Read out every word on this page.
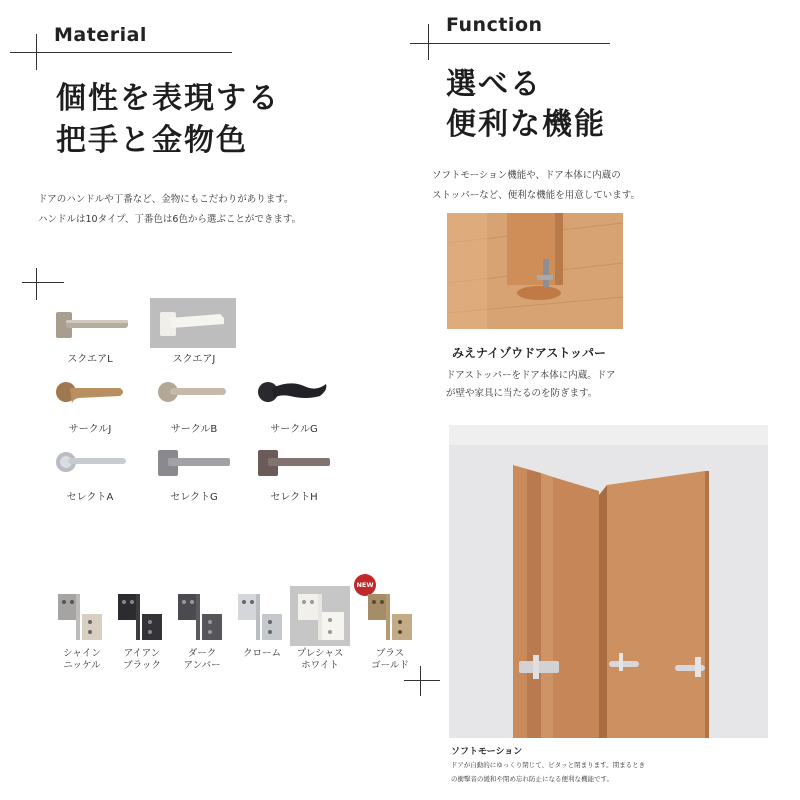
Material
個性を表現する
把手と金物色
ドアのハンドルや丁番など、金物にもこだわりがあります。
ハンドルは10タイプ、丁番色は6色から選ぶことができます。
スクエアL	スクエアJ
サークルJ	サークルB	サークルG
セレクトA	セレクトG	セレクトH
NEW
シャイン
ニッケル
アイアン
ブラック
ダーク
アンバー
クローム	プレシャス
ホワイト
ブラス
ゴールド
Function
選べる
便利な機能
ソフトモーション機能や、ドア本体に内蔵の
ストッパーなど、便利な機能を用意しています。
みえナイゾウドアストッパー
ドアストッパーをドア本体に内蔵。ドア
が壁や家具に当たるのを防ぎます。
ソフトモーション
ドアが自動的にゆっくり閉じて、ピタッと閉まります。閉まるとき
の衝撃音の緩和や閉め忘れ防止になる便利な機能です。
